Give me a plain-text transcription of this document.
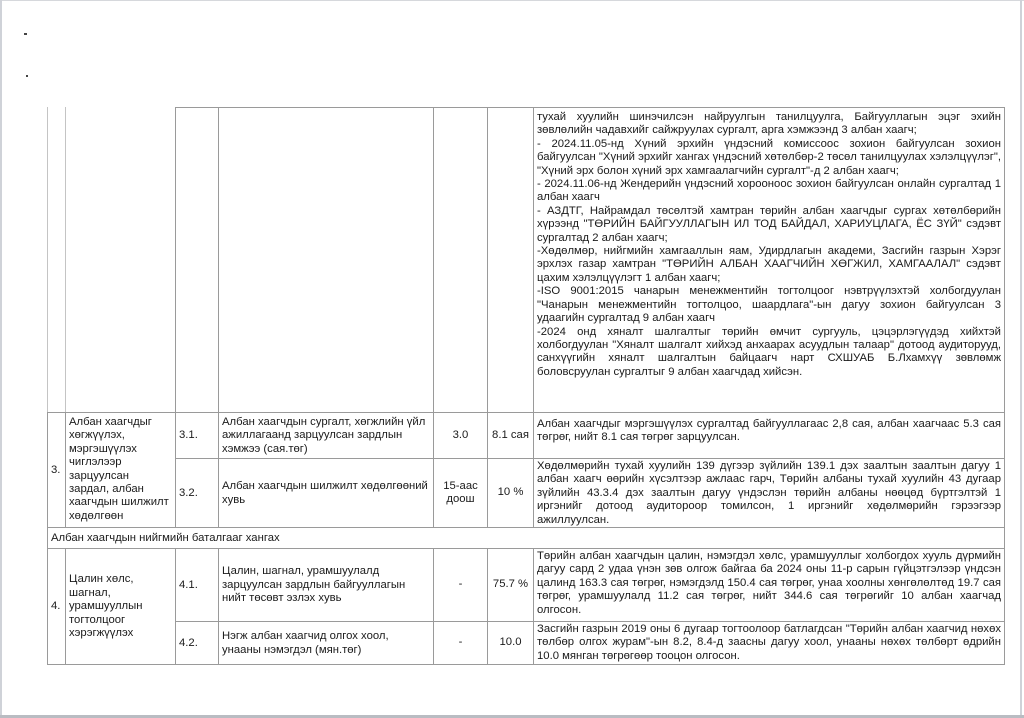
тухай хуулийн шинэчилсэн найруулгын танилцуулга, Байгууллагын эцэг эхийн зөвлөлийн чадавхийг сайжруулах сургалт, арга хэмжээнд 3 албан хаагч;
- 2024.11.05-нд Хүний эрхийн үндэсний комиссоос зохион байгуулсан зохион байгуулсан "Хүний эрхийг хангах үндэсний хөтөлбөр-2 төсөл танилцуулах хэлэлцүүлэг", "Хүний эрх болон хүний эрх хамгаалагчийн сургалт"-д 2 албан хаагч;
- 2024.11.06-нд Жендерийн үндэсний хорооноос зохион байгуулсан онлайн сургалтад 1 албан хаагч
- АЗДТГ, Найрамдал төсөлтэй хамтран төрийн албан хаагчдыг сургах хөтөлбөрийн хүрээнд "ТӨРИЙН БАЙГУУЛЛАГЫН ИЛ ТОД БАЙДАЛ, ХАРИУЦЛАГА, ЁС ЗҮЙ" сэдэвт сургалтад 2 албан хаагч;
-Хөдөлмөр, нийгмийн хамгааллын яам, Удирдлагын академи, Засгийн газрын Хэрэг эрхлэх газар хамтран "ТӨРИЙН АЛБАН ХААГЧИЙН ХӨГЖИЛ, ХАМГААЛАЛ" сэдэвт цахим хэлэлцүүлэгт 1 албан хаагч;
-ISO 9001:2015 чанарын менежментийн тогтолцоог нэвтрүүлэхтэй холбогдуулан "Чанарын менежментийн тогтолцоо, шаардлага"-ын дагуу зохион байгуулсан 3 удаагийн сургалтад 9 албан хаагч
-2024 онд хяналт шалгалтыг төрийн өмчит сургууль, цэцэрлэгүүдэд хийхтэй холбогдуулан "Хяналт шалгалт хийхэд анхаарах асуудлын талаар" дотоод аудиторууд, санхүүгийн хяналт шалгалтын байцаагч нарт СХШУАБ Б.Лхамхүү зөвлөмж боловсруулан сургалтыг 9 албан хаагчдад хийсэн.
3.
Албан хаагчдыг хөгжүүлэх, мэргэшүүлэх чиглэлээр зарцуулсан зардал, албан хаагчдын шилжилт хөдөлгөөн
3.1.
Албан хаагчдын сургалт, хөгжлийн үйл ажиллагаанд зарцуулсан зардлын хэмжээ (сая.төг)
3.0 8.1 сая
Албан хаагчдыг мэргэшүүлэх сургалтад байгууллагаас 2,8 сая, албан хаагчаас 5.3 сая төгрөг, нийт 8.1 сая төгрөг зарцуулсан.
3.2.
Албан хаагчдын шилжилт хөдөлгөөний хувь
15-аас доош
10 %
Хөдөлмөрийн тухай хуулийн 139 дүгээр зүйлийн 139.1 дэх заалтын заалтын дагуу 1 албан хаагч өөрийн хүсэлтээр ажлаас гарч, Төрийн албаны тухай хуулийн 43 дугаар зүйлийн 43.3.4 дэх заалтын дагуу үндэслэн төрийн албаны нөөцөд бүртгэлтэй 1 иргэнийг дотоод аудитороор томилсон, 1 иргэнийг хөдөлмөрийн гэрээгээр ажиллуулсан.
Албан хаагчдын нийгмийн баталгааг хангах
4.
Цалин хөлс, шагнал, урамшууллын тогтолцоог хэрэгжүүлэх
4.1.
Цалин, шагнал, урамшуулалд зарцуулсан зардлын байгууллагын нийт төсөвт эзлэх хувь
-	75.7 %
Төрийн албан хаагчдын цалин, нэмэгдэл хөлс, урамшууллыг холбогдох хууль дүрмийн дагуу сард 2 удаа үнэн зөв олгож байгаа ба 2024 оны 11-р сарын гүйцэтгэлээр үндсэн цалинд 163.3 сая төгрөг, нэмэгдэлд 150.4 сая төгрөг, унаа хоолны хөнгөлөлтөд 19.7 сая төгрөг, урамшуулалд 11.2 сая төгрөг, нийт 344.6 сая төгрөгийг 10 албан хаагчад олгосон.
4.2.
Нэгж албан хаагчид олгох хоол, унааны нэмэгдэл (мян.төг)
-	10.0
Засгийн газрын 2019 оны 6 дугаар тогтоолоор батлагдсан "Төрийн албан хаагчид нөхөх төлбөр олгох журам"-ын 8.2, 8.4-д заасны дагуу хоол, унааны нөхөх төлбөрт өдрийн 10.0 мянган төгрөгөөр тооцон олгосон.
